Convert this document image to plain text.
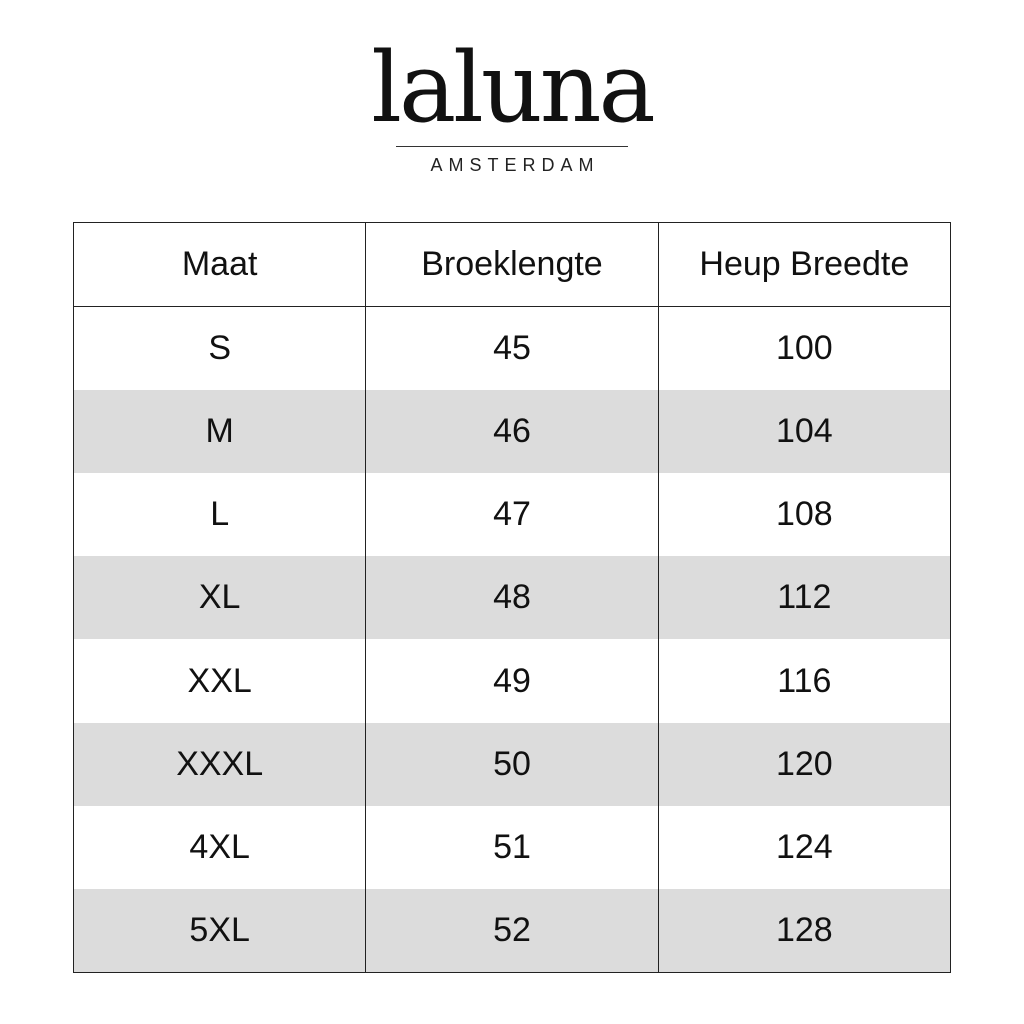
laluna
AMSTERDAM
Maat	Broeklengte	Heup Breedte
S	45	100
M	46	104
L	47	108
XL	48	112
XXL	49	116
XXXL	50	120
4XL	51	124
5XL	52	128
